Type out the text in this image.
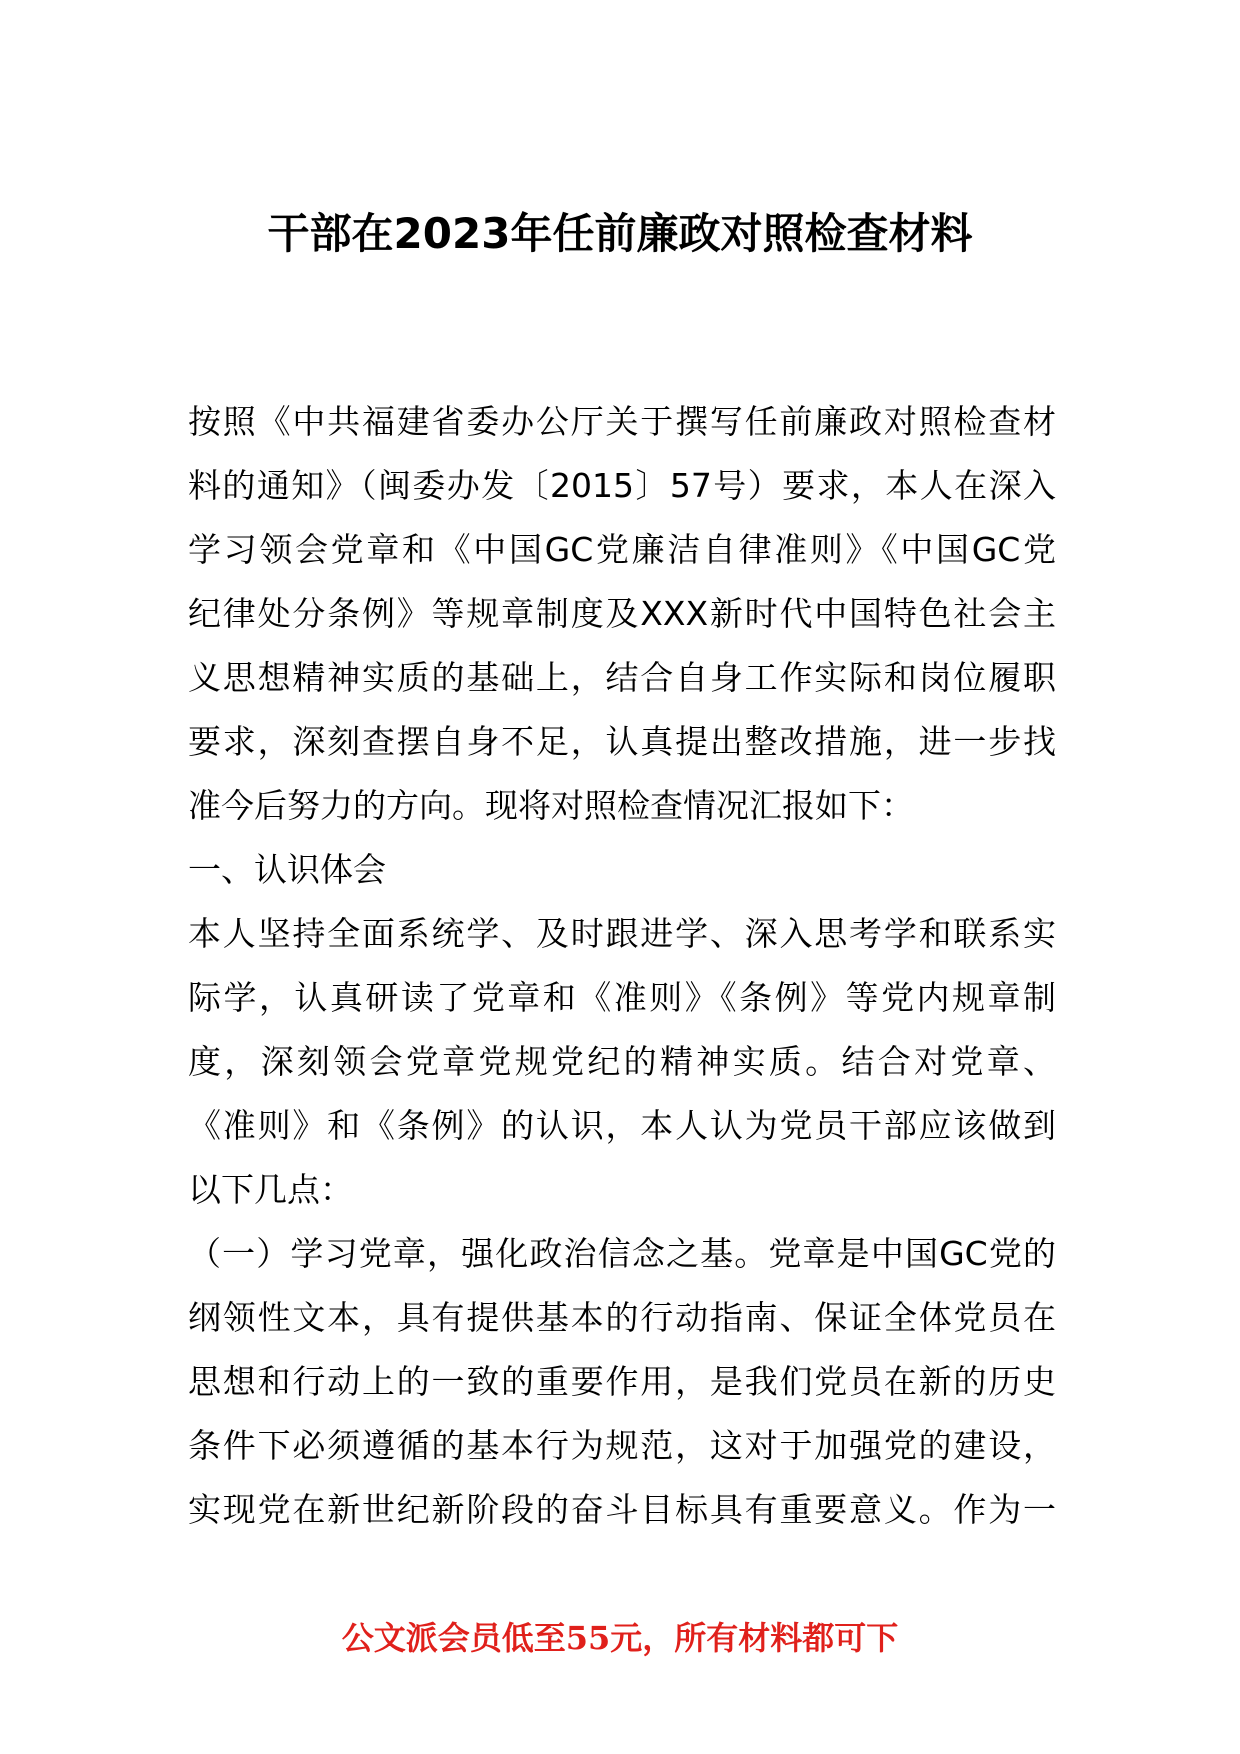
干部在2023年任前廉政对照检查材料
按照《中共福建省委办公厅关于撰写任前廉政对照检查材
料的通知》（闽委办发〔2015〕57号）要求，本人在深入
学习领会党章和《中国GC党廉洁自律准则》《中国GC党
纪律处分条例》等规章制度及XXX新时代中国特色社会主
义思想精神实质的基础上，结合自身工作实际和岗位履职
要求，深刻查摆自身不足，认真提出整改措施，进一步找
准今后努力的方向。现将对照检查情况汇报如下：
一、认识体会
本人坚持全面系统学、及时跟进学、深入思考学和联系实
际学，认真研读了党章和《准则》《条例》等党内规章制
度，深刻领会党章党规党纪的精神实质。结合对党章、
《准则》和《条例》的认识，本人认为党员干部应该做到
以下几点：
（一）学习党章，强化政治信念之基。党章是中国GC党的
纲领性文本，具有提供基本的行动指南、保证全体党员在
思想和行动上的一致的重要作用，是我们党员在新的历史
条件下必须遵循的基本行为规范，这对于加强党的建设，
实现党在新世纪新阶段的奋斗目标具有重要意义。作为一
公文派会员低至55元，所有材料都可下
